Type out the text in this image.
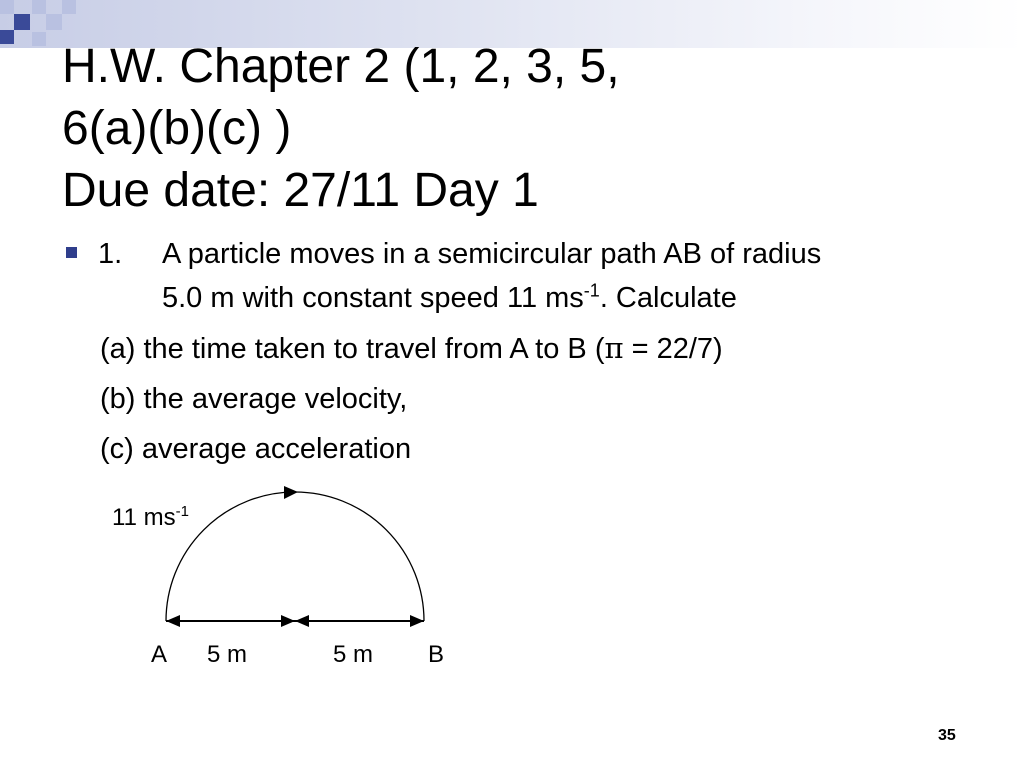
H.W. Chapter 2 (1, 2, 3, 5,
6(a)(b)(c) )
Due date: 27/11 Day 1
1. A particle moves in a semicircular path AB of radius
5.0 m with constant speed 11 $ms^{-1}$. Calculate
(a) the time taken to travel from A to B (π = 22/7)
(b) the average velocity,
(c) average acceleration
11 $ms^{-1}$
A 5 m	5 m B
35
